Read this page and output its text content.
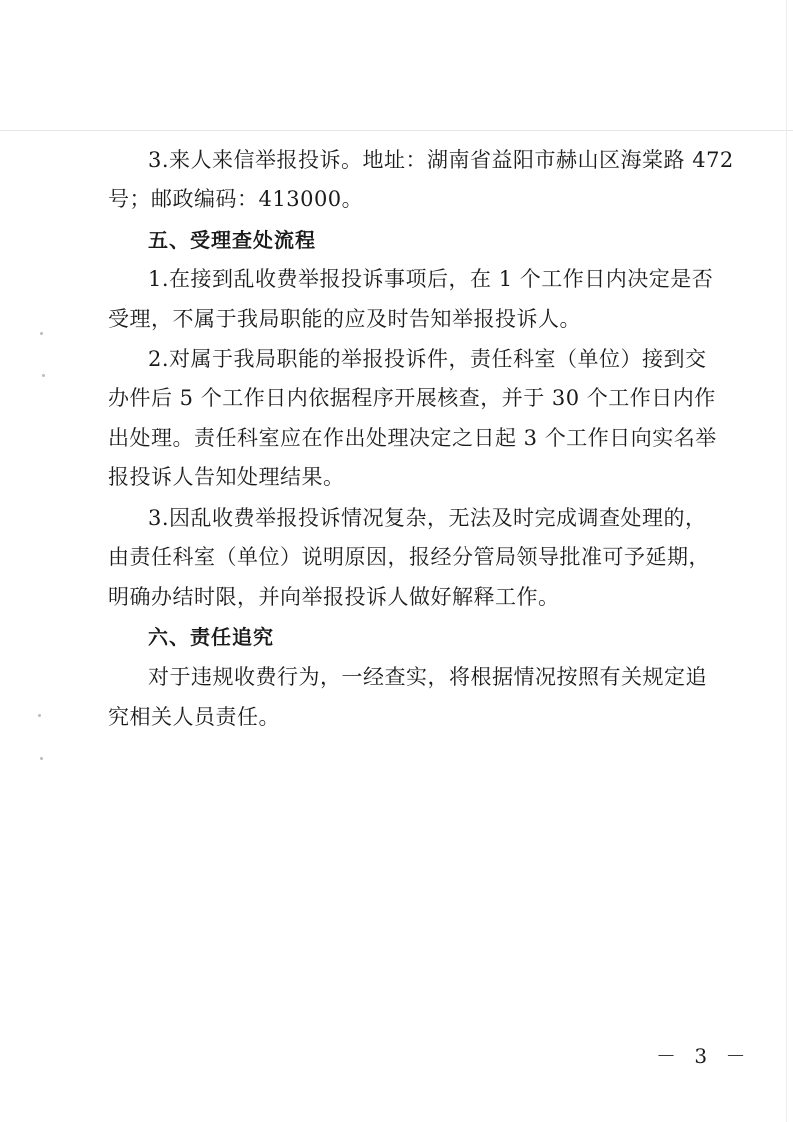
3.来人来信举报投诉。地址：湖南省益阳市赫山区海棠路 472
号；邮政编码：413000。
五、受理查处流程
1.在接到乱收费举报投诉事项后，在 1 个工作日内决定是否
受理，不属于我局职能的应及时告知举报投诉人。
2.对属于我局职能的举报投诉件，责任科室（单位）接到交
办件后 5 个工作日内依据程序开展核查，并于 30 个工作日内作
出处理。责任科室应在作出处理决定之日起 3 个工作日向实名举
报投诉人告知处理结果。
3.因乱收费举报投诉情况复杂，无法及时完成调查处理的，
由责任科室（单位）说明原因，报经分管局领导批准可予延期，
明确办结时限，并向举报投诉人做好解释工作。
六、责任追究
对于违规收费行为，一经查实，将根据情况按照有关规定追
究相关人员责任。
－ 3 －
